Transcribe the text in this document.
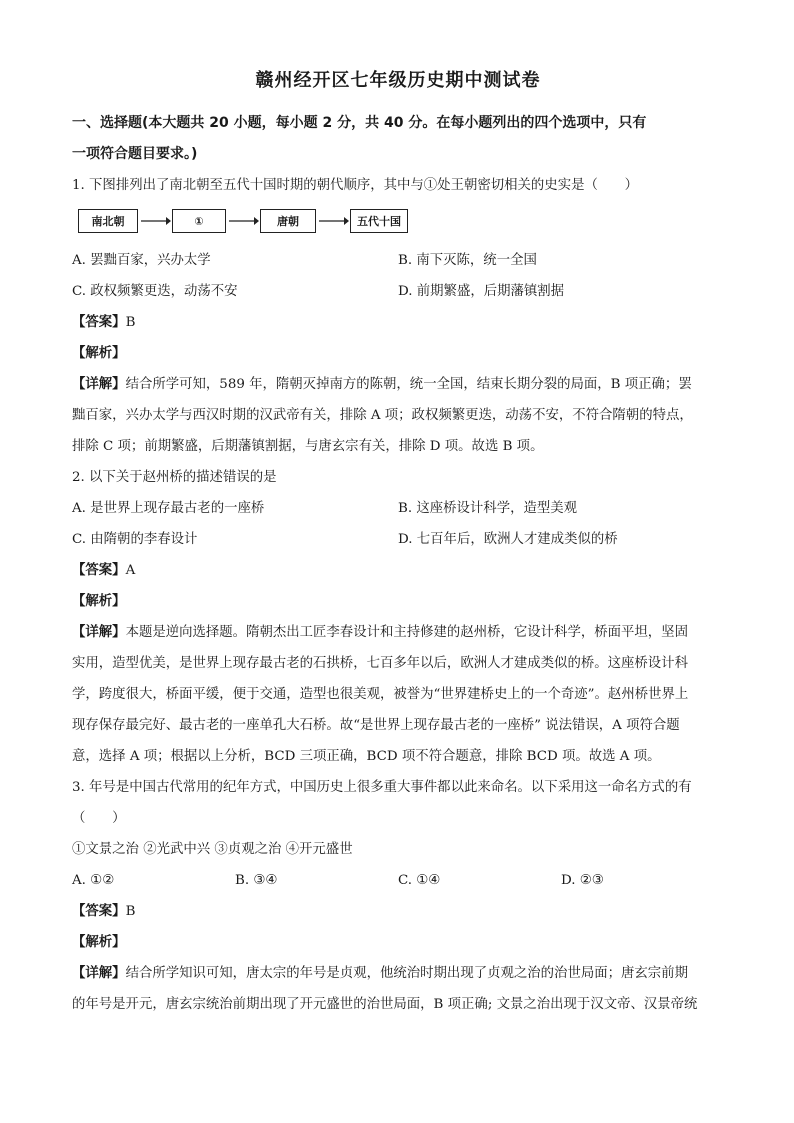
赣州经开区七年级历史期中测试卷
一、选择题(本大题共 20 小题，每小题 2 分，共 40 分。在每小题列出的四个选项中，只有
一项符合题目要求。)

1. 下图排列出了南北朝至五代十国时期的朝代顺序，其中与①处王朝密切相关的史实是（　　）

南北朝	①	唐朝	五代十国
A. 罢黜百家，兴办太学	B. 南下灭陈，统一全国
C. 政权频繁更迭，动荡不安	D. 前期繁盛，后期藩镇割据

【答案】B

【解析】

【详解】结合所学可知，589 年，隋朝灭掉南方的陈朝，统一全国，结束长期分裂的局面，B 项正确；罢

黜百家，兴办太学与西汉时期的汉武帝有关，排除 A 项；政权频繁更迭，动荡不安，不符合隋朝的特点，

排除 C 项；前期繁盛，后期藩镇割据，与唐玄宗有关，排除 D 项。故选 B 项。

2. 以下关于赵州桥的描述错误的是

A. 是世界上现存最古老的一座桥	B. 这座桥设计科学，造型美观
C. 由隋朝的李春设计	D. 七百年后，欧洲人才建成类似的桥

【答案】A

【解析】

【详解】本题是逆向选择题。隋朝杰出工匠李春设计和主持修建的赵州桥，它设计科学，桥面平坦，坚固

实用，造型优美，是世界上现存最古老的石拱桥，七百多年以后，欧洲人才建成类似的桥。这座桥设计科

学，跨度很大，桥面平缓，便于交通，造型也很美观，被誉为“世界建桥史上的一个奇迹”。赵州桥世界上

现存保存最完好、最古老的一座单孔大石桥。故“是世界上现存最古老的一座桥” 说法错误，A 项符合题

意，选择 A 项；根据以上分析，BCD 三项正确，BCD 项不符合题意，排除 BCD 项。故选 A 项。

3. 年号是中国古代常用的纪年方式，中国历史上很多重大事件都以此来命名。以下采用这一命名方式的有

（　　）

①文景之治 ②光武中兴 ③贞观之治 ④开元盛世

A. ①②	B. ③④	C. ①④	D. ②③

【答案】B

【解析】

【详解】结合所学知识可知，唐太宗的年号是贞观，他统治时期出现了贞观之治的治世局面；唐玄宗前期

的年号是开元，唐玄宗统治前期出现了开元盛世的治世局面，B 项正确; 文景之治出现于汉文帝、汉景帝统
